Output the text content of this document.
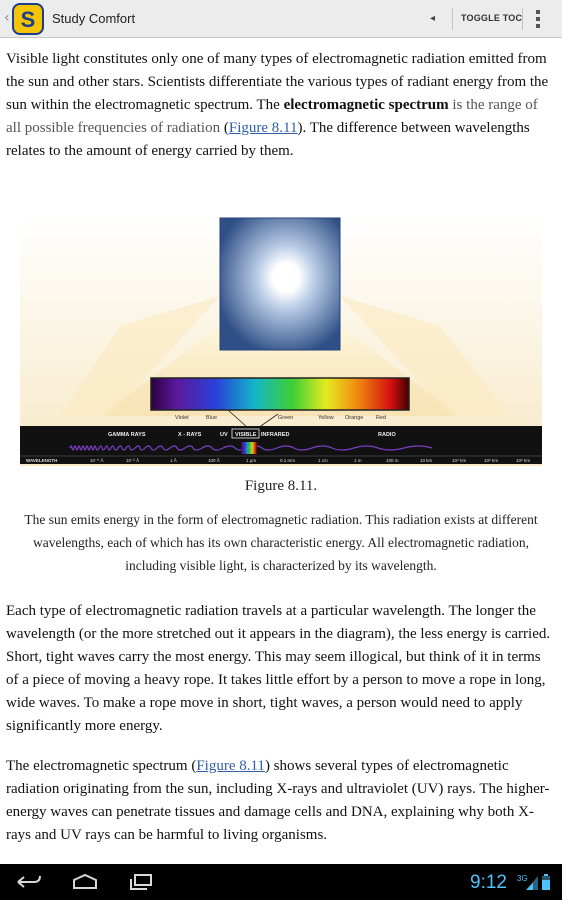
‹ S Study Comfort	◂	TOGGLE TOC

Visible light constitutes only one of many types of electromagnetic radiation emitted from the sun and other stars. Scientists differentiate the various types of radiant energy from the sun within the electromagnetic spectrum. The electromagnetic spectrum is the range of all possible frequencies of radiation (Figure 8.11). The difference between wavelengths relates to the amount of energy carried by them.

Violet	Blue	Green	Yellow Orange Red
GAMMA RAYS	X - RAYS	UV VISIBLE INFRARED	RADIO
WAVELENGTH	10⁻⁵ Å	10⁻² Å	1 Å	100 Å	1 μm	0.1 mm	1 cm	1 m	100 m	10 km	10⁴ km	10⁶ km	10⁸ km
Figure 8.11.

The sun emits energy in the form of electromagnetic radiation. This radiation exists at different wavelengths, each of which has its own characteristic energy. All electromagnetic radiation, including visible light, is characterized by its wavelength.

Each type of electromagnetic radiation travels at a particular wavelength. The longer the wavelength (or the more stretched out it appears in the diagram), the less energy is carried. Short, tight waves carry the most energy. This may seem illogical, but think of it in terms of a piece of moving a heavy rope. It takes little effort by a person to move a rope in long, wide waves. To make a rope move in short, tight waves, a person would need to apply significantly more energy.

The electromagnetic spectrum (Figure 8.11) shows several types of electromagnetic radiation originating from the sun, including X-rays and ultraviolet (UV) rays. The higher-energy waves can penetrate tissues and damage cells and DNA, explaining why both X-rays and UV rays can be harmful to living organisms.

9:12 3G
